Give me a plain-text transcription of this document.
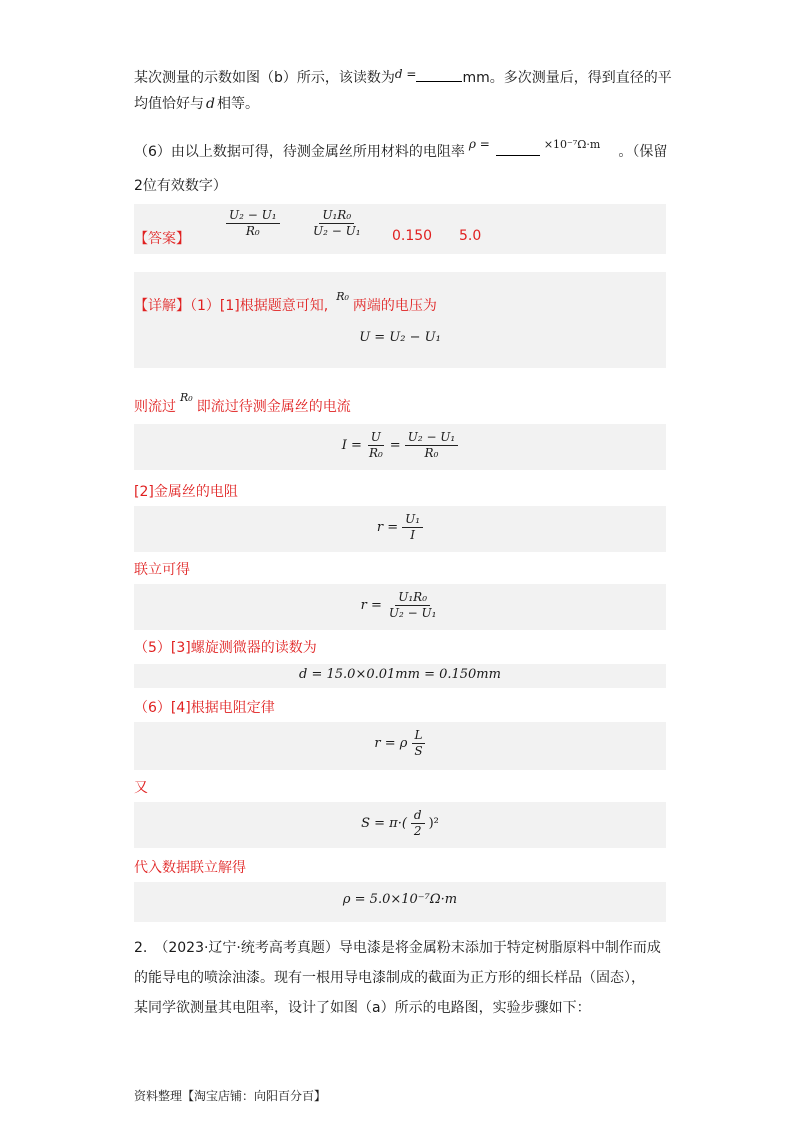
某次测量的示数如图（b）所示，该读数为d =	mm。多次测量后，得到直径的平
均值恰好与 d 相等。
（6）由以上数据可得，待测金属丝所用材料的电阻率 ρ =	$^{\times 10^{-7}\Omega\cdot m}$ 。（保留
2位有效数字）
【答案】	$\frac{\text{U₂ − U₁}}{\text{R₀}}$	$\frac{\text{U₁R₀}}{\text{U₂ − U₁}} 0.150$ 5.0
【详解】（1）[1]根据题意可知,$^{R_0}$两端的电压为
U = U₂ − U₁
则流过$^{R_0}$即流过待测金属丝的电流
$I = \frac{U}{\text{R₀}} = \frac{\text{U₂ − U₁}}{\text{R₀}}$
[2]金属丝的电阻
$r = \frac{\text{U₁}}{I}$
联立可得
$r = \frac{\text{U₁R₀}}{\text{U₂ − U₁}}$
（5）[3]螺旋测微器的读数为
d = 15.0×0.01mm = 0.150mm
（6）[4]根据电阻定律
r = ρ $\frac{L}{S}$
又
$S = \pi\cdot( \frac{d}{2} )^2$
代入数据联立解得
ρ = 5.0×10⁻⁷Ω·m
2.　（2023·辽宁·统考高考真题）导电漆是将金属粉末添加于特定树脂原料中制作而成
的能导电的喷涂油漆。现有一根用导电漆制成的截面为正方形的细长样品（固态），
某同学欲测量其电阻率，设计了如图（a）所示的电路图，实验步骤如下：
资料整理【淘宝店铺：向阳百分百】
